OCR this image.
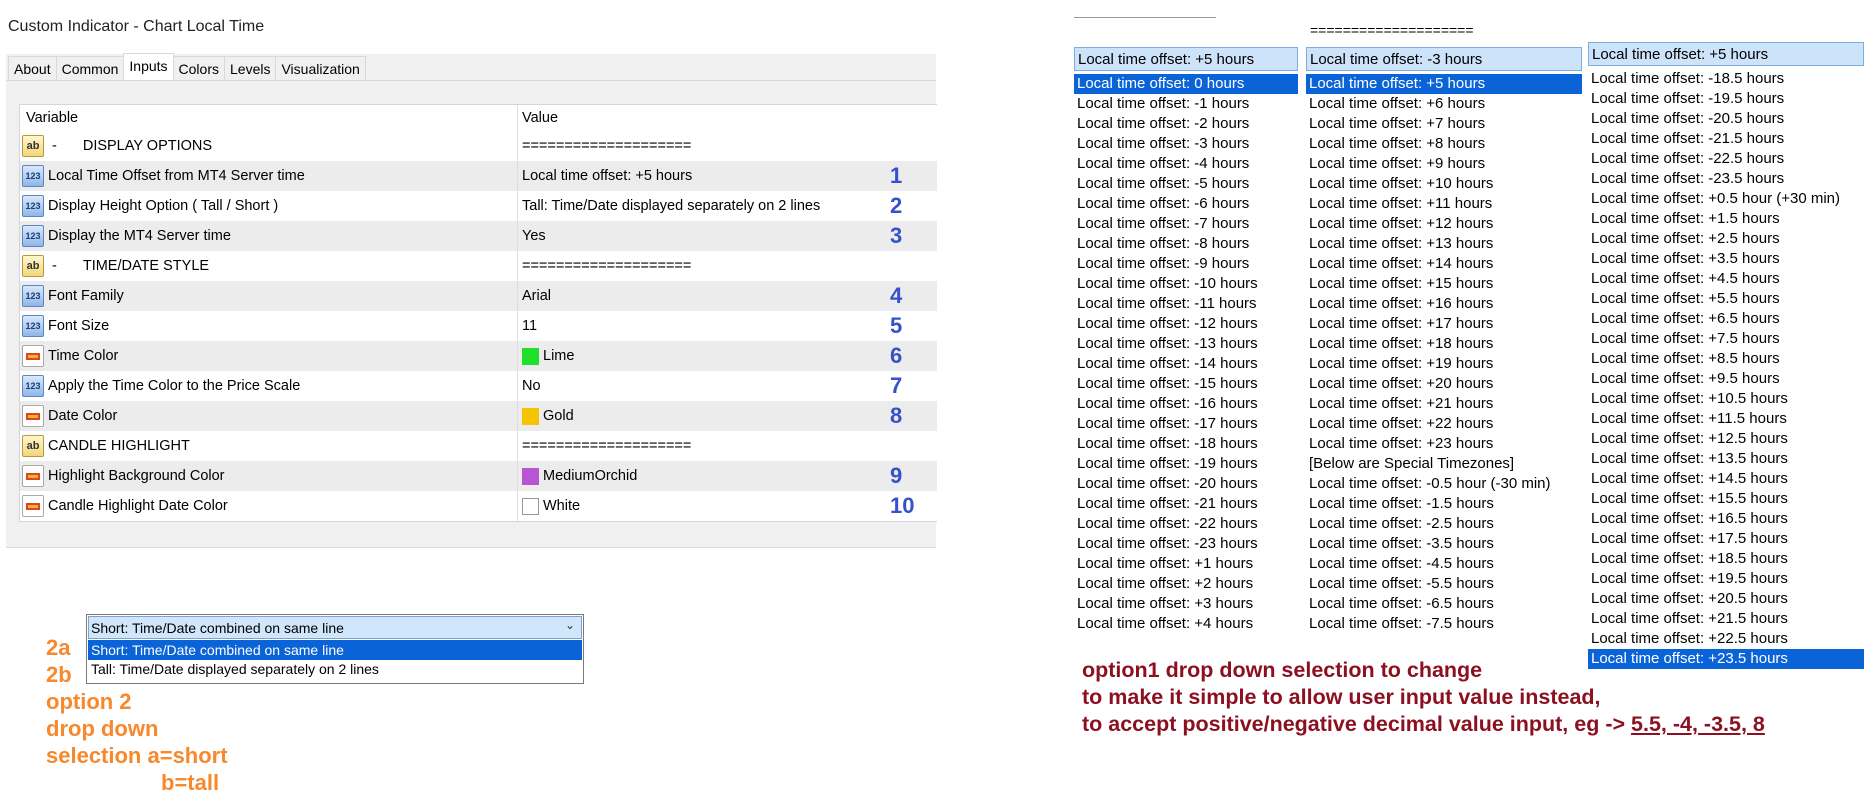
Custom Indicator - Chart Local Time
About Common Inputs Colors Levels Visualization
Variable	Value
ab - DISPLAY OPTIONS	====================
123 Local Time Offset from MT4 Server time	Local time offset: +5 hours	1
123 Display Height Option ( Tall / Short )	Tall: Time/Date displayed separately on 2 lines	2
123 Display the MT4 Server time	Yes	3
ab - TIME/DATE STYLE	====================
123 Font Family	Arial	4
123 Font Size	11	5
Time Color	Lime	6
123 Apply the Time Color to the Price Scale	No	7
Date Color	Gold	8
ab CANDLE HIGHLIGHT	====================
Highlight Background Color	MediumOrchid	9
Candle Highlight Date Color	White	10
Short: Time/Date combined on same line	⌄
Short: Time/Date combined on same line
Tall: Time/Date displayed separately on 2 lines
2a
2b
option 2
drop down
selection a=short
b=tall
Local time offset: +5 hours
Local time offset: 0 hours
Local time offset: -1 hours
Local time offset: -2 hours
Local time offset: -3 hours
Local time offset: -4 hours
Local time offset: -5 hours
Local time offset: -6 hours
Local time offset: -7 hours
Local time offset: -8 hours
Local time offset: -9 hours
Local time offset: -10 hours
Local time offset: -11 hours
Local time offset: -12 hours
Local time offset: -13 hours
Local time offset: -14 hours
Local time offset: -15 hours
Local time offset: -16 hours
Local time offset: -17 hours
Local time offset: -18 hours
Local time offset: -19 hours
Local time offset: -20 hours
Local time offset: -21 hours
Local time offset: -22 hours
Local time offset: -23 hours
Local time offset: +1 hours
Local time offset: +2 hours
Local time offset: +3 hours
Local time offset: +4 hours
====================
Local time offset: -3 hours
Local time offset: +5 hours
Local time offset: +6 hours
Local time offset: +7 hours
Local time offset: +8 hours
Local time offset: +9 hours
Local time offset: +10 hours
Local time offset: +11 hours
Local time offset: +12 hours
Local time offset: +13 hours
Local time offset: +14 hours
Local time offset: +15 hours
Local time offset: +16 hours
Local time offset: +17 hours
Local time offset: +18 hours
Local time offset: +19 hours
Local time offset: +20 hours
Local time offset: +21 hours
Local time offset: +22 hours
Local time offset: +23 hours
[Below are Special Timezones]
Local time offset: -0.5 hour (-30 min)
Local time offset: -1.5 hours
Local time offset: -2.5 hours
Local time offset: -3.5 hours
Local time offset: -4.5 hours
Local time offset: -5.5 hours
Local time offset: -6.5 hours
Local time offset: -7.5 hours
Local time offset: +5 hours
Local time offset: -18.5 hours
Local time offset: -19.5 hours
Local time offset: -20.5 hours
Local time offset: -21.5 hours
Local time offset: -22.5 hours
Local time offset: -23.5 hours
Local time offset: +0.5 hour (+30 min)
Local time offset: +1.5 hours
Local time offset: +2.5 hours
Local time offset: +3.5 hours
Local time offset: +4.5 hours
Local time offset: +5.5 hours
Local time offset: +6.5 hours
Local time offset: +7.5 hours
Local time offset: +8.5 hours
Local time offset: +9.5 hours
Local time offset: +10.5 hours
Local time offset: +11.5 hours
Local time offset: +12.5 hours
Local time offset: +13.5 hours
Local time offset: +14.5 hours
Local time offset: +15.5 hours
Local time offset: +16.5 hours
Local time offset: +17.5 hours
Local time offset: +18.5 hours
Local time offset: +19.5 hours
Local time offset: +20.5 hours
Local time offset: +21.5 hours
Local time offset: +22.5 hours
Local time offset: +23.5 hours
option1 drop down selection to change
to make it simple to allow user input value instead,
to accept positive/negative decimal value input, eg -> 5.5, -4, -3.5, 8
